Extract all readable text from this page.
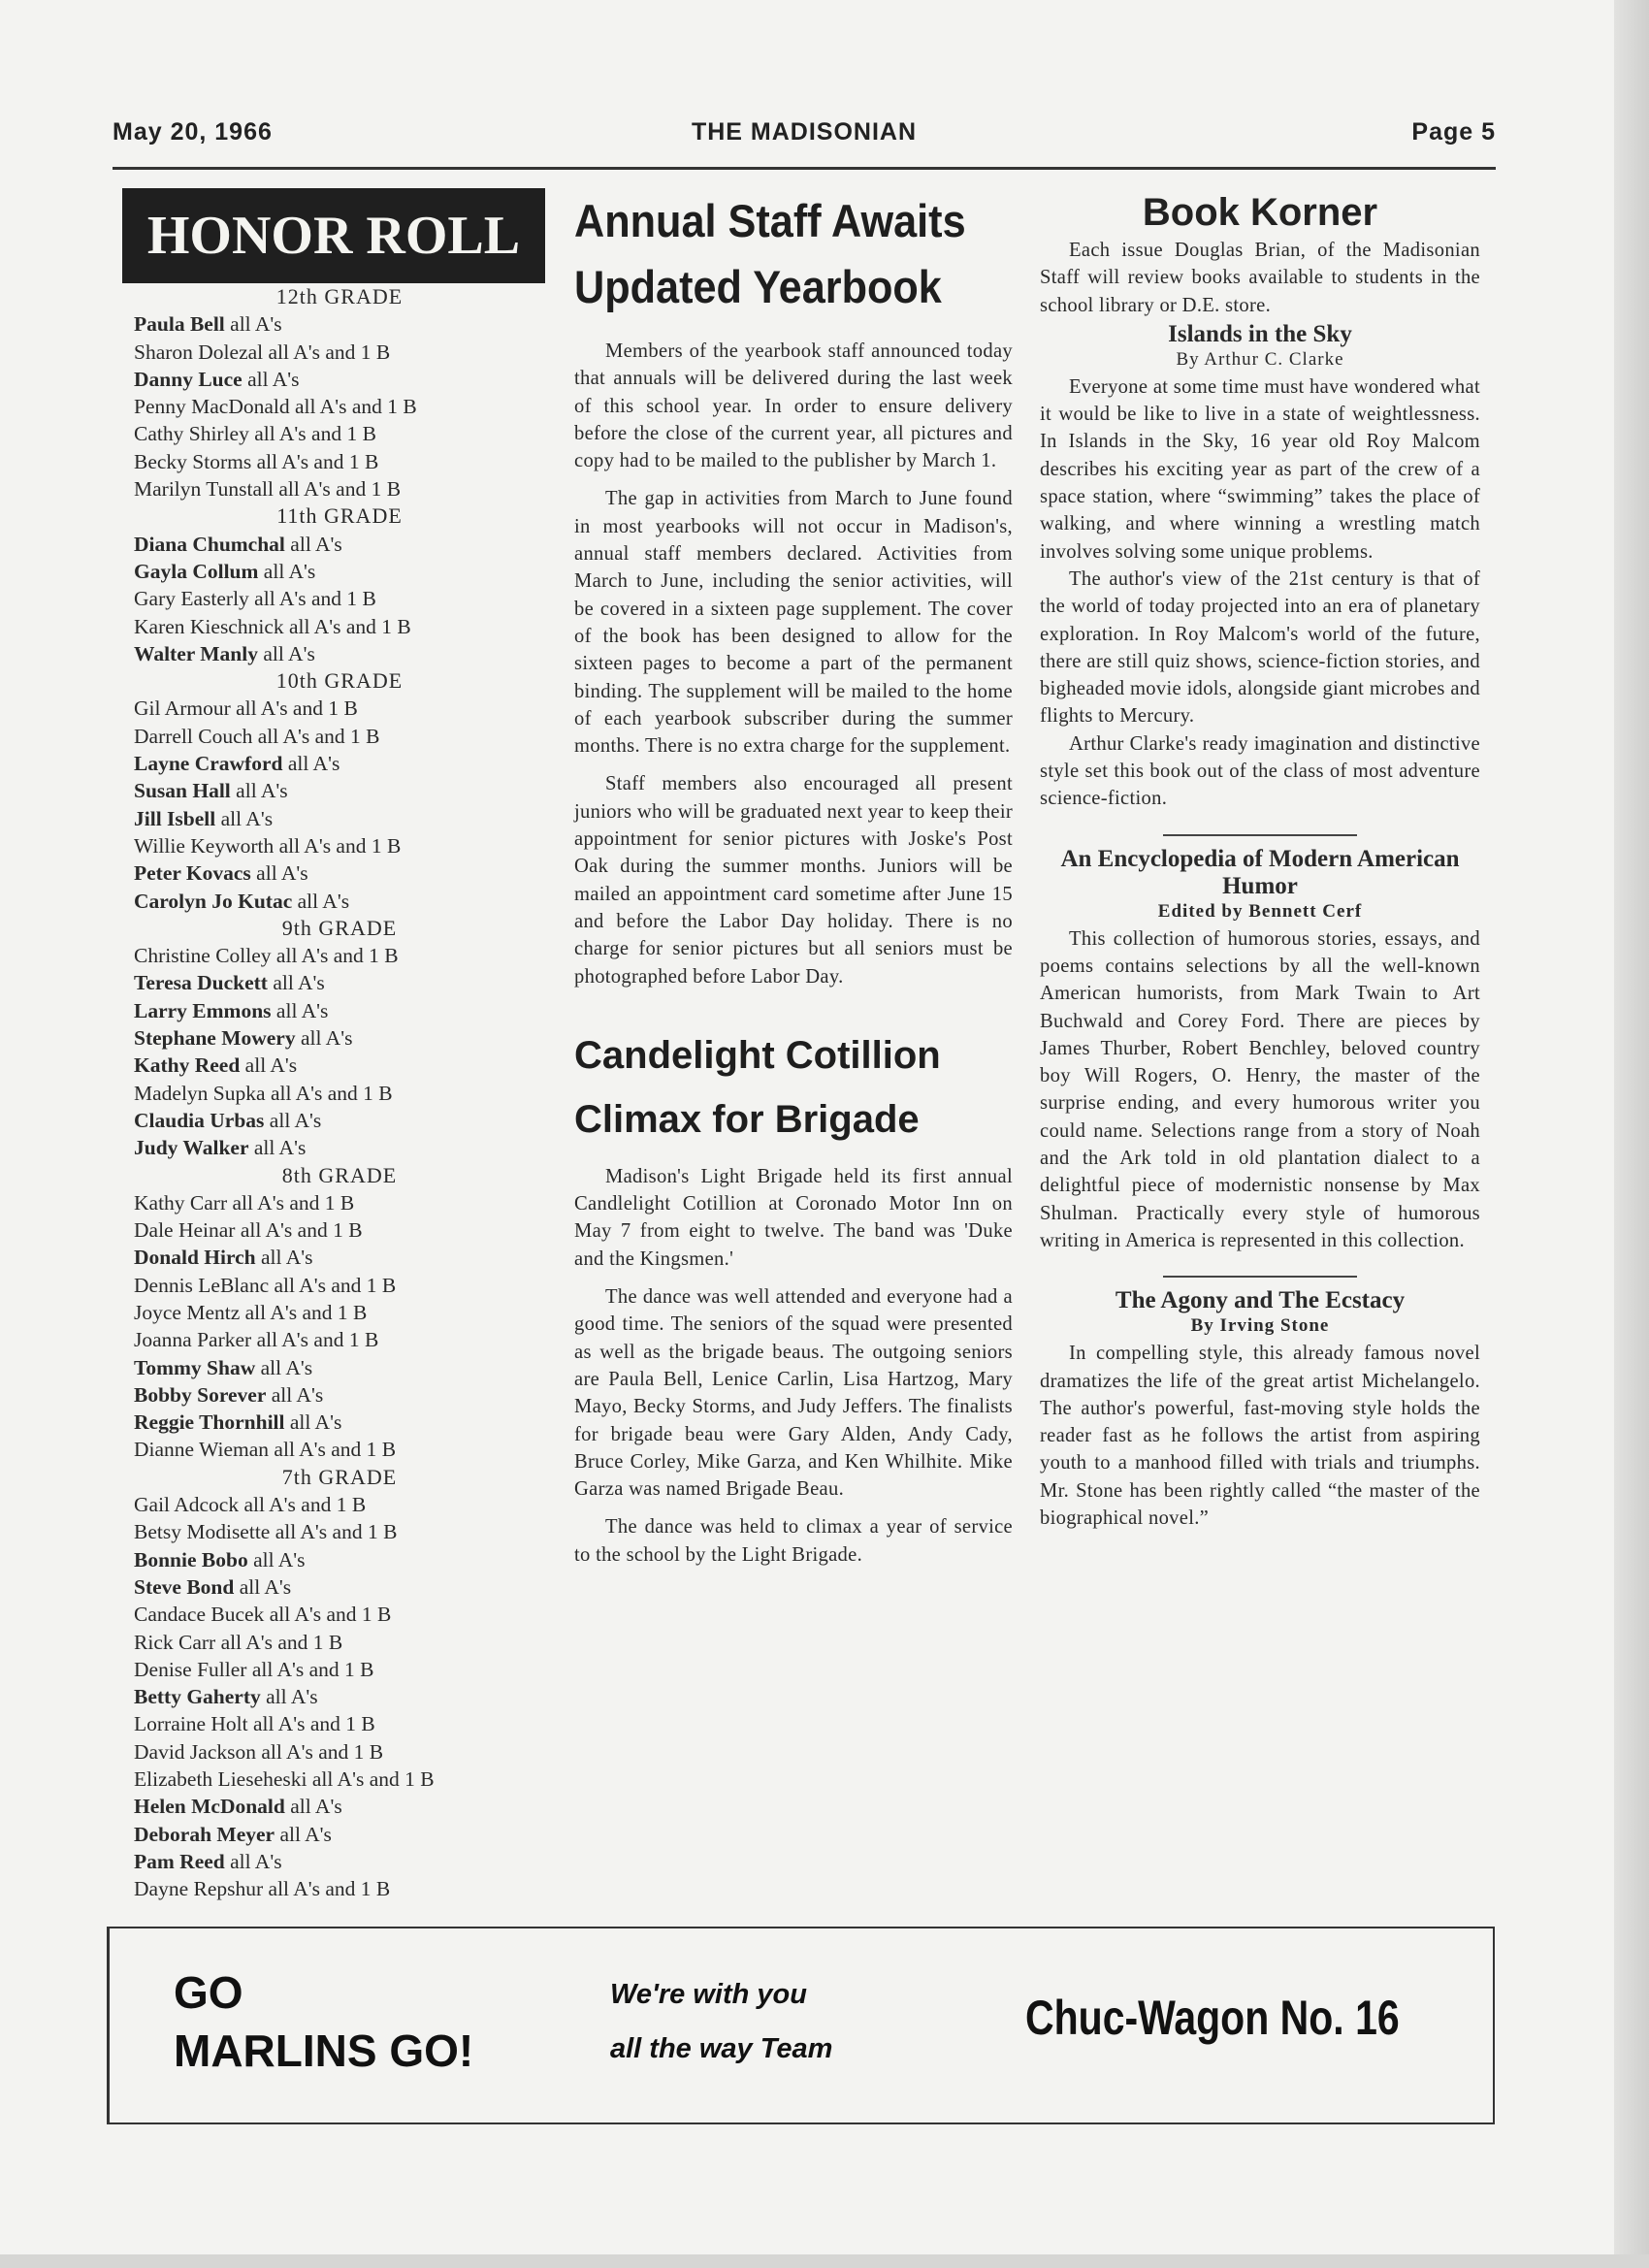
May 20, 1966	THE MADISONIAN	Page 5
HONOR ROLL
12th GRADE
Paula Bell all A's
Sharon Dolezal all A's and 1 B
Danny Luce all A's
Penny MacDonald all A's and 1 B
Cathy Shirley all A's and 1 B
Becky Storms all A's and 1 B
Marilyn Tunstall all A's and 1 B
11th GRADE
Diana Chumchal all A's
Gayla Collum all A's
Gary Easterly all A's and 1 B
Karen Kieschnick all A's and 1 B
Walter Manly all A's
10th GRADE
Gil Armour all A's and 1 B
Darrell Couch all A's and 1 B
Layne Crawford all A's
Susan Hall all A's
Jill Isbell all A's
Willie Keyworth all A's and 1 B
Peter Kovacs all A's
Carolyn Jo Kutac all A's
9th GRADE
Christine Colley all A's and 1 B
Teresa Duckett all A's
Larry Emmons all A's
Stephane Mowery all A's
Kathy Reed all A's
Madelyn Supka all A's and 1 B
Claudia Urbas all A's
Judy Walker all A's
8th GRADE
Kathy Carr all A's and 1 B
Dale Heinar all A's and 1 B
Donald Hirch all A's
Dennis LeBlanc all A's and 1 B
Joyce Mentz all A's and 1 B
Joanna Parker all A's and 1 B
Tommy Shaw all A's
Bobby Sorever all A's
Reggie Thornhill all A's
Dianne Wieman all A's and 1 B
7th GRADE
Gail Adcock all A's and 1 B
Betsy Modisette all A's and 1 B
Bonnie Bobo all A's
Steve Bond all A's
Candace Bucek all A's and 1 B
Rick Carr all A's and 1 B
Denise Fuller all A's and 1 B
Betty Gaherty all A's
Lorraine Holt all A's and 1 B
David Jackson all A's and 1 B
Elizabeth Lieseheski all A's and 1 B
Helen McDonald all A's
Deborah Meyer all A's
Pam Reed all A's
Dayne Repshur all A's and 1 B
Annual Staff Awaits
Updated Yearbook

Members of the yearbook staff announced today that annuals will be delivered during the last week of this school year. In order to ensure delivery before the close of the current year, all pictures and copy had to be mailed to the publisher by March 1.

The gap in activities from March to June found in most yearbooks will not occur in Madison's, annual staff members declared. Activities from March to June, including the senior activities, will be covered in a sixteen page supplement. The cover of the book has been designed to allow for the sixteen pages to become a part of the permanent binding. The supplement will be mailed to the home of each yearbook subscriber during the summer months. There is no extra charge for the supplement.

Staff members also encouraged all present juniors who will be graduated next year to keep their appointment for senior pictures with Joske's Post Oak during the summer months. Juniors will be mailed an appointment card sometime after June 15 and before the Labor Day holiday. There is no charge for senior pictures but all seniors must be photographed before Labor Day.

Candelight Cotillion
Climax for Brigade

Madison's Light Brigade held its first annual Candlelight Cotillion at Coronado Motor Inn on May 7 from eight to twelve. The band was 'Duke and the Kingsmen.'

The dance was well attended and everyone had a good time. The seniors of the squad were presented as well as the brigade beaus. The outgoing seniors are Paula Bell, Lenice Carlin, Lisa Hartzog, Mary Mayo, Becky Storms, and Judy Jeffers. The finalists for brigade beau were Gary Alden, Andy Cady, Bruce Corley, Mike Garza, and Ken Whilhite. Mike Garza was named Brigade Beau.

The dance was held to climax a year of service to the school by the Light Brigade.

Book Korner

Each issue Douglas Brian, of the Madisonian Staff will review books available to students in the school library or D.E. store.

Islands in the Sky
By Arthur C. Clarke

Everyone at some time must have wondered what it would be like to live in a state of weightlessness. In Islands in the Sky, 16 year old Roy Malcom describes his exciting year as part of the crew of a space station, where “swimming” takes the place of walking, and where winning a wrestling match involves solving some unique problems.

The author's view of the 21st century is that of the world of today projected into an era of planetary exploration. In Roy Malcom's world of the future, there are still quiz shows, science-fiction stories, and bigheaded movie idols, alongside giant microbes and flights to Mercury.

Arthur Clarke's ready imagination and distinctive style set this book out of the class of most adventure science-fiction.

An Encyclopedia of Modern American Humor
Edited by Bennett Cerf

This collection of humorous stories, essays, and poems contains selections by all the well-known American humorists, from Mark Twain to Art Buchwald and Corey Ford. There are pieces by James Thurber, Robert Benchley, beloved country boy Will Rogers, O. Henry, the master of the surprise ending, and every humorous writer you could name. Selections range from a story of Noah and the Ark told in old plantation dialect to a delightful piece of modernistic nonsense by Max Shulman. Practically every style of humorous writing in America is represented in this collection.

The Agony and The Ecstacy
By Irving Stone

In compelling style, this already famous novel dramatizes the life of the great artist Michelangelo. The author's powerful, fast-moving style holds the reader fast as he follows the artist from aspiring youth to a manhood filled with trials and triumphs. Mr. Stone has been rightly called “the master of the biographical novel.”

GO
MARLINS GO!
We're with you
all the way Team
Chuc-Wagon No. 16
